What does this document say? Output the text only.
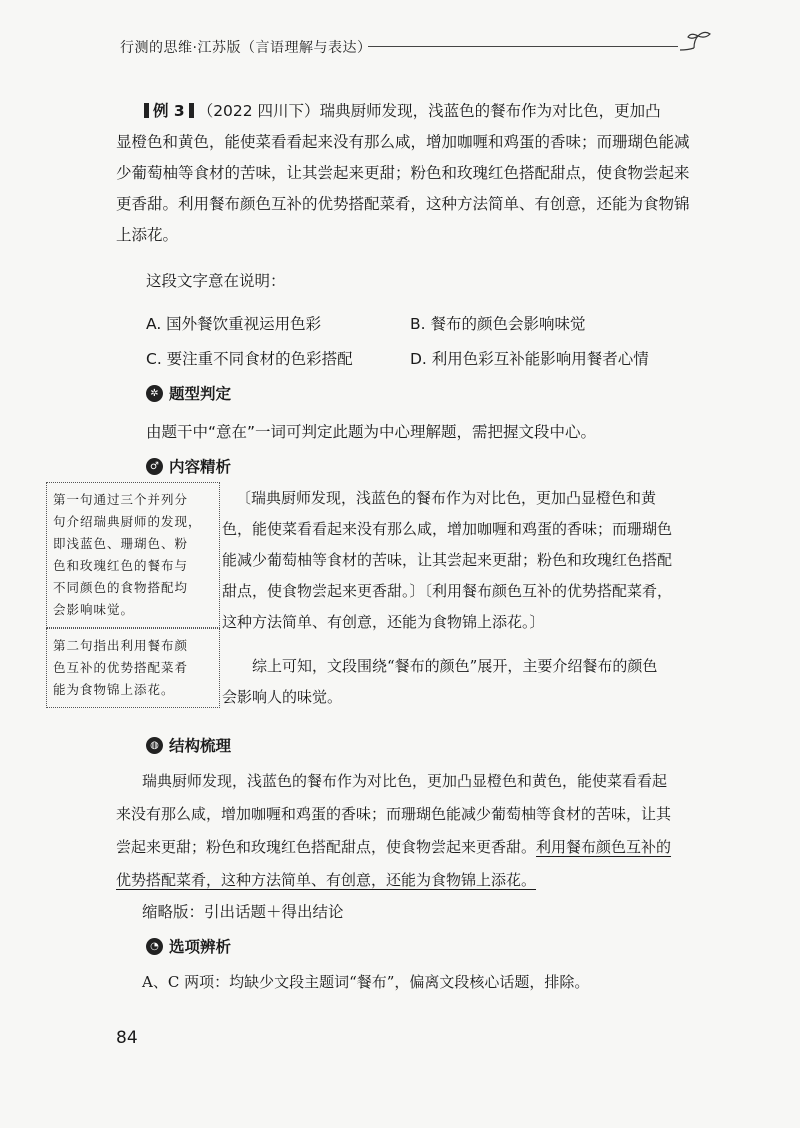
行测的思维·江苏版（言语理解与表达）
例 3 （2022 四川下）瑞典厨师发现，浅蓝色的餐布作为对比色，更加凸
显橙色和黄色，能使菜看看起来没有那么咸，增加咖喱和鸡蛋的香味；而珊瑚色能减
少葡萄柚等食材的苦味，让其尝起来更甜；粉色和玫瑰红色搭配甜点，使食物尝起来
更香甜。利用餐布颜色互补的优势搭配菜肴，这种方法简单、有创意，还能为食物锦
上添花。
这段文字意在说明：
A. 国外餐饮重视运用色彩	B. 餐布的颜色会影响味觉
C. 要注重不同食材的色彩搭配	D. 利用色彩互补能影响用餐者心情
✲ 题型判定
由题干中“意在”一词可判定此题为中心理解题，需把握文段中心。
♂ 内容精析
第一句通过三个并列分
句介绍瑞典厨师的发现，
即浅蓝色、珊瑚色、粉
色和玫瑰红色的餐布与
不同颜色的食物搭配均
会影响味觉。
第二句指出利用餐布颜
色互补的优势搭配菜肴
能为食物锦上添花。
〔瑞典厨师发现，浅蓝色的餐布作为对比色，更加凸显橙色和黄
色，能使菜看看起来没有那么咸，增加咖喱和鸡蛋的香味；而珊瑚色
能减少葡萄柚等食材的苦味，让其尝起来更甜；粉色和玫瑰红色搭配
甜点，使食物尝起来更香甜。〕〔利用餐布颜色互补的优势搭配菜肴，
这种方法简单、有创意，还能为食物锦上添花。〕
综上可知，文段围绕“餐布的颜色”展开，主要介绍餐布的颜色
会影响人的味觉。
◍ 结构梳理
瑞典厨师发现，浅蓝色的餐布作为对比色，更加凸显橙色和黄色，能使菜看看起
来没有那么咸，增加咖喱和鸡蛋的香味；而珊瑚色能减少葡萄柚等食材的苦味，让其
尝起来更甜；粉色和玫瑰红色搭配甜点，使食物尝起来更香甜。利用餐布颜色互补的
优势搭配菜肴，这种方法简单、有创意，还能为食物锦上添花。
缩略版：引出话题＋得出结论
◔ 选项辨析
A、C 两项：均缺少文段主题词“餐布”，偏离文段核心话题，排除。
84
